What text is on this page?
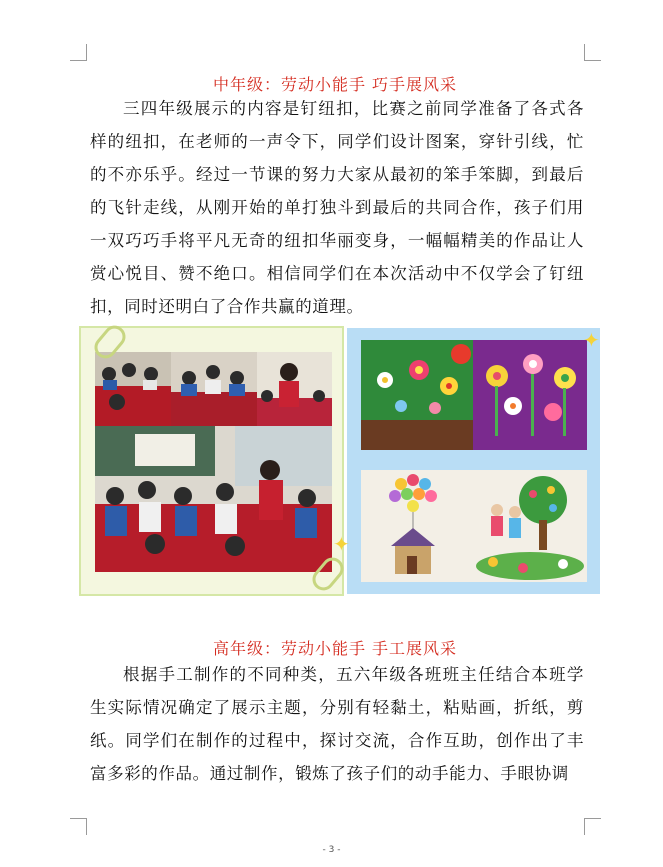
中年级：劳动小能手 巧手展风采

三四年级展示的内容是钉纽扣，比赛之前同学准备了各式各样的纽扣，在老师的一声令下，同学们设计图案，穿针引线，忙的不亦乐乎。经过一节课的努力大家从最初的笨手笨脚，到最后的飞针走线，从刚开始的单打独斗到最后的共同合作，孩子们用一双巧巧手将平凡无奇的纽扣华丽变身，一幅幅精美的作品让人赏心悦目、赞不绝口。相信同学们在本次活动中不仅学会了钉纽扣，同时还明白了合作共赢的道理。

✦
✦
高年级：劳动小能手 手工展风采

根据手工制作的不同种类，五六年级各班班主任结合本班学生实际情况确定了展示主题，分别有轻黏土，粘贴画，折纸，剪纸。同学们在制作的过程中，探讨交流，合作互助，创作出了丰富多彩的作品。通过制作，锻炼了孩子们的动手能力、手眼协调

- 3 -
